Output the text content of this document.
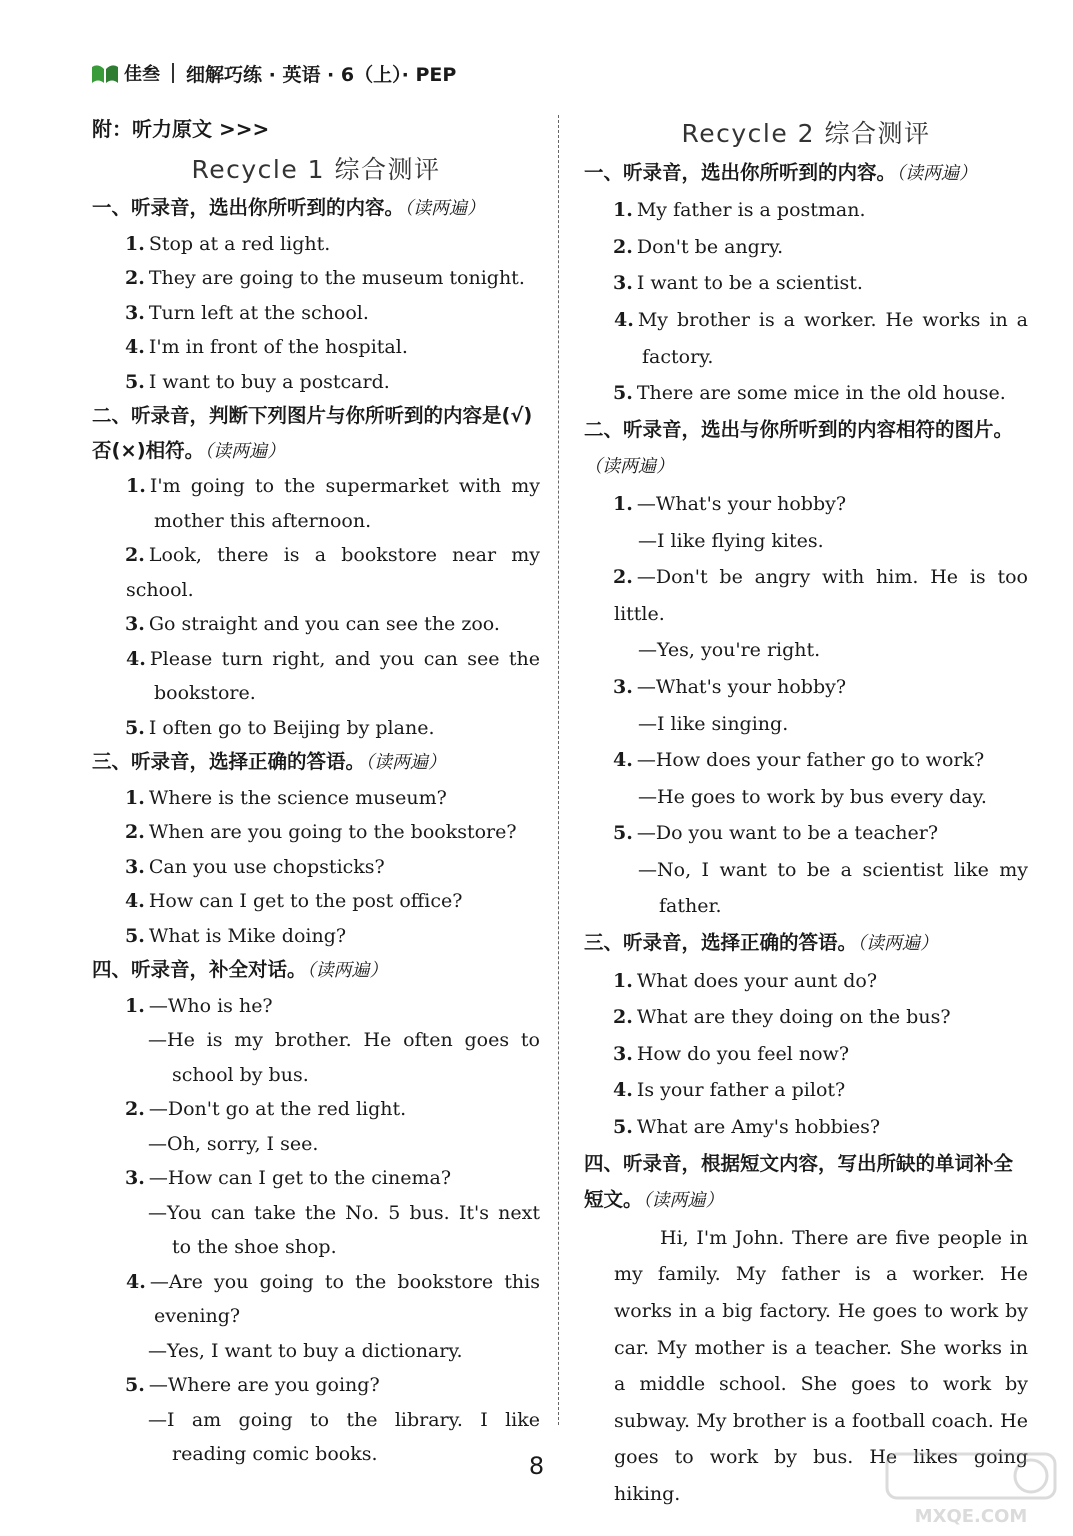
佳叁 细解巧练 · 英语 · 6（上）· PEP
附：听力原文 >>>
Recycle 1 综合测评
一、听录音，选出你所听到的内容。（读两遍）
1. Stop at a red light.
2. They are going to the museum tonight.
3. Turn left at the school.
4. I'm in front of the hospital.
5. I want to buy a postcard.
二、听录音，判断下列图片与你所听到的内容是(√)否(×)相符。（读两遍）
1. I'm going to the supermarket with my mother this afternoon.
2. Look, there is a bookstore near my school.
3. Go straight and you can see the zoo.
4. Please turn right, and you can see the bookstore.
5. I often go to Beijing by plane.
三、听录音，选择正确的答语。（读两遍）
1. Where is the science museum?
2. When are you going to the bookstore?
3. Can you use chopsticks?
4. How can I get to the post office?
5. What is Mike doing?
四、听录音，补全对话。（读两遍）
1. —Who is he?
—He is my brother. He often goes to school by bus.
2. —Don't go at the red light.
—Oh, sorry, I see.
3. —How can I get to the cinema?
—You can take the No. 5 bus. It's next to the shoe shop.
4. —Are you going to the bookstore this evening?
—Yes, I want to buy a dictionary.
5. —Where are you going?
—I am going to the library. I like reading comic books.
Recycle 2 综合测评
一、听录音，选出你所听到的内容。（读两遍）
1. My father is a postman.
2. Don't be angry.
3. I want to be a scientist.
4. My brother is a worker. He works in a factory.
5. There are some mice in the old house.
二、听录音，选出与你所听到的内容相符的图片。（读两遍）
1. —What's your hobby?
—I like flying kites.
2. —Don't be angry with him. He is too little.
—Yes, you're right.
3. —What's your hobby?
—I like singing.
4. —How does your father go to work?
—He goes to work by bus every day.
5. —Do you want to be a teacher?
—No, I want to be a scientist like my father.
三、听录音，选择正确的答语。（读两遍）
1. What does your aunt do?
2. What are they doing on the bus?
3. How do you feel now?
4. Is your father a pilot?
5. What are Amy's hobbies?
四、听录音，根据短文内容，写出所缺的单词补全短文。（读两遍）
Hi, I'm John. There are five people in my family. My father is a worker. He works in a big factory. He goes to work by car. My mother is a teacher. She works in a middle school. She goes to work by subway. My brother is a football coach. He goes to work by bus. He likes going hiking.
8
MXQE.COM
